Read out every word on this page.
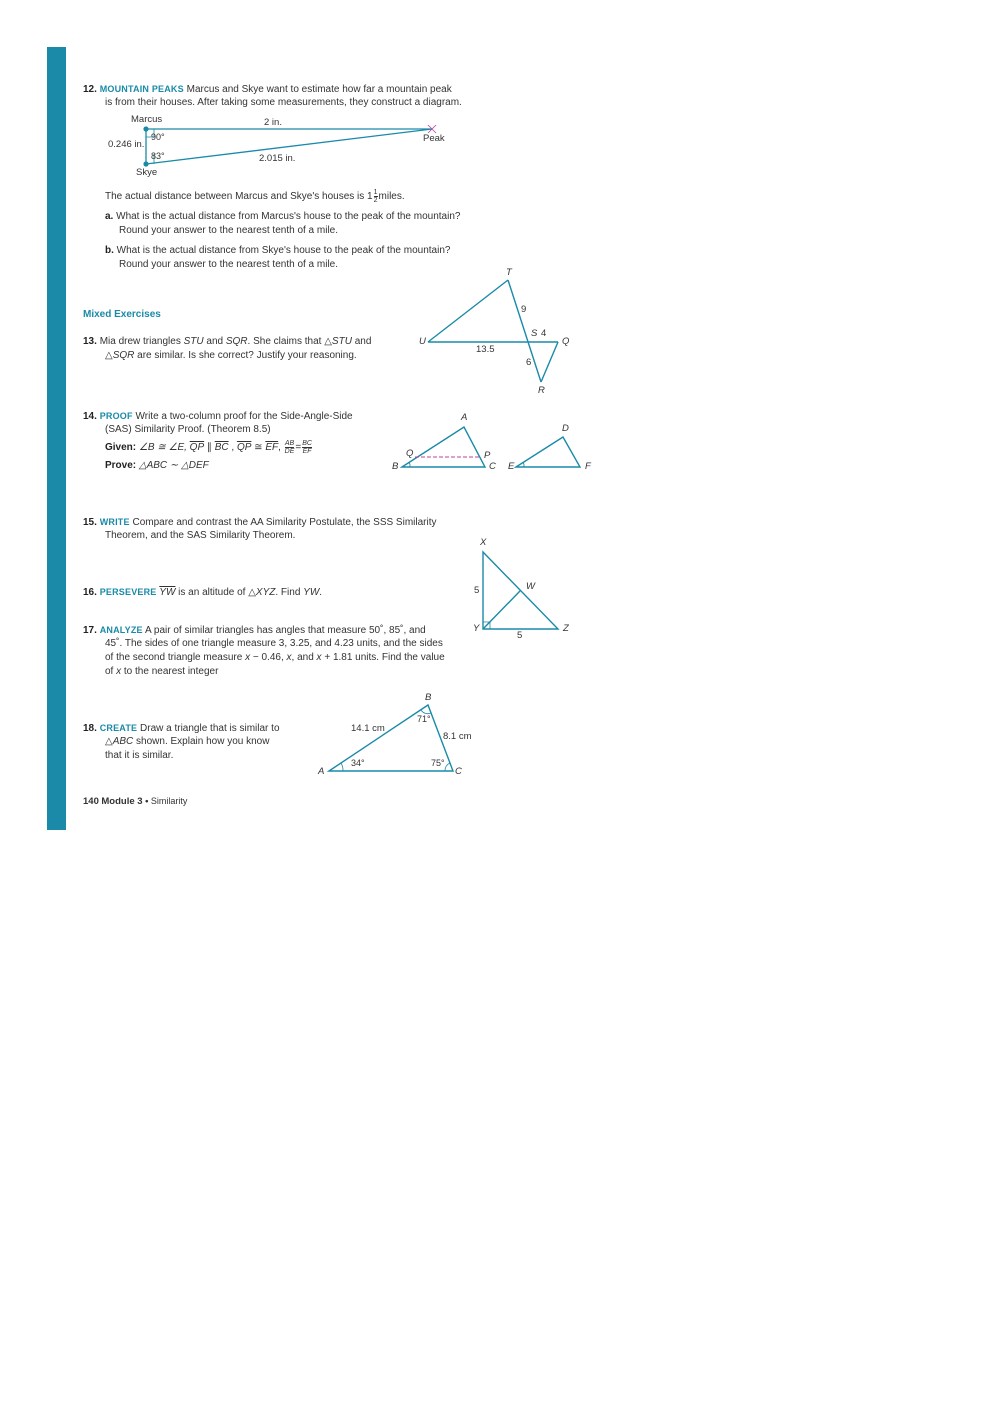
12. MOUNTAIN PEAKS Marcus and Skye want to estimate how far a mountain peak
is from their houses. After taking some measurements, they construct a diagram.
Marcus	2 in.
90°
0.246 in.
Peak
83°	2.015 in.
Skye
The actual distance between Marcus and Skye's houses is $1 \frac{1}{2}$ miles.
a. What is the actual distance from Marcus's house to the peak of the mountain?
Round your answer to the nearest tenth of a mile.
b. What is the actual distance from Skye's house to the peak of the mountain?
Round your answer to the nearest tenth of a mile.
Mixed Exercises
13. Mia drew triangles STU and SQR. She claims that △STU and
△SQR are similar. Is she correct? Justify your reasoning.
T
9
U
S 4
Q
13.5
6
R
14. PROOF Write a two-column proof for the Side-Angle-Side
(SAS) Similarity Proof. (Theorem 8.5)
Given: ∠B ≅ ∠E, $\overline{QP}$ ∥ $\overline{BC}$ , $\overline{QP}$ ≅ $\overline{EF}$, $\frac{AB}{DE} = \frac{BC}{EF}$
Prove: △ABC ∼ △DEF
A
Q	P
B	C
D
E	F
15. WRITE Compare and contrast the AA Similarity Postulate, the SSS Similarity
Theorem, and the SAS Similarity Theorem.
16. PERSEVERE $\overline{YW}$ is an altitude of △XYZ. Find YW.
X
5	W
Y	Z
5
17. ANALYZE A pair of similar triangles has angles that measure 50˚, 85˚, and
45˚. The sides of one triangle measure 3, 3.25, and 4.23 units, and the sides
of the second triangle measure x − 0.46, x, and x + 1.81 units. Find the value
of x to the nearest integer
18. CREATE Draw a triangle that is similar to
△ABC shown. Explain how you know
that it is similar.
B
71°
14.1 cm
8.1 cm
34°	75°
A	C
140 Module 3 • Similarity
